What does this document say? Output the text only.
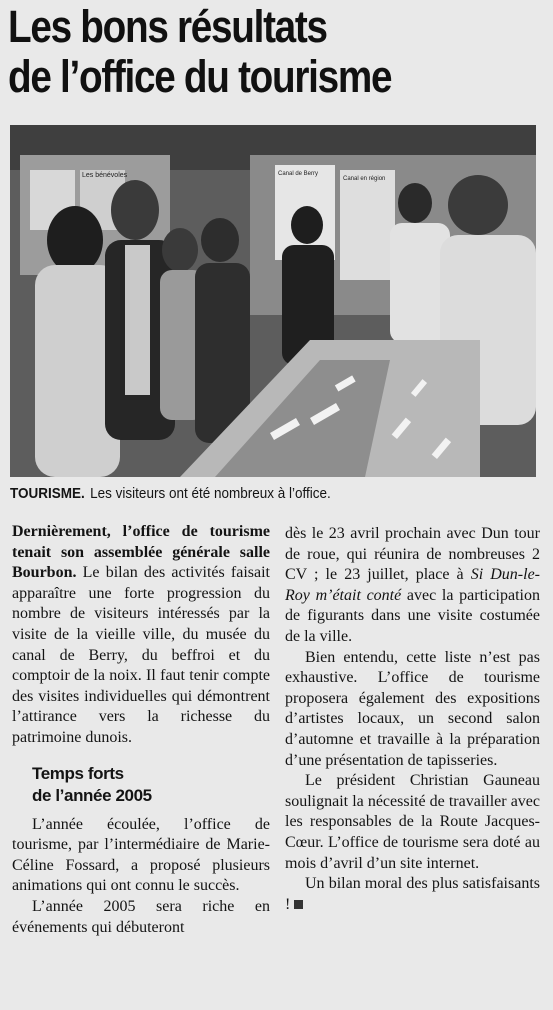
Les bons résultats
de l’office du tourisme
Les bénévoles	Canal de Berry
Canal en région
TOURISME. Les visiteurs ont été nombreux à l’office.

Dernièrement, l’office de tourisme tenait son assemblée générale salle Bourbon. Le bilan des activités faisait apparaître une forte progression du nombre de visiteurs intéressés par la visite de la vieille ville, du musée du canal de Berry, du beffroi et du comptoir de la noix. Il faut tenir compte des visites individuelles qui démontrent l’attirance vers la richesse du patrimoine dunois.

Temps forts
de l’année 2005

L’année écoulée, l’office de tourisme, par l’intermédiaire de Marie-Céline Fossard, a proposé plusieurs animations qui ont connu le succès.

L’année 2005 sera riche en événements qui débuteront

dès le 23 avril prochain avec Dun tour de roue, qui réunira de nombreuses 2 CV ; le 23 juillet, place à Si Dun-le-Roy m’était conté avec la participation de figurants dans une visite costumée de la ville.

Bien entendu, cette liste n’est pas exhaustive. L’office de tourisme proposera également des expositions d’artistes locaux, un second salon d’automne et travaille à la préparation d’une présentation de tapisseries.

Le président Christian Gauneau soulignait la nécessité de travailler avec les responsables de la Route Jacques-Cœur. L’office de tourisme sera doté au mois d’avril d’un site internet.

Un bilan moral des plus satisfaisants !
